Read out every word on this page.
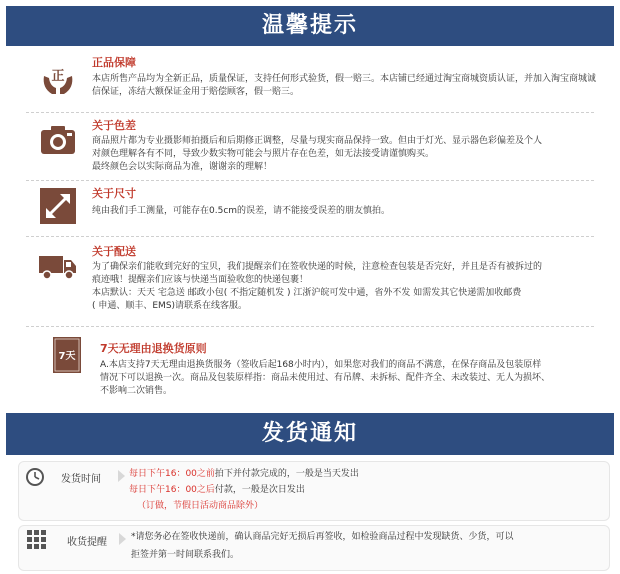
温馨提示
正
正品保障
本店所售产品均为全新正品，质量保证，支持任何形式验货，假一赔三。本店铺已经通过淘宝商城资质认证，并加入淘宝商城诚信保证，冻结大额保证金用于赔偿顾客，假一赔三。
关于色差

商品照片都为专业摄影师拍摄后和后期修正调整，尽量与现实商品保持一致。但由于灯光、显示器色彩偏差及个人

对颜色理解各有不同，导致少数实物可能会与照片存在色差，如无法接受请谨慎购买。

最终颜色会以实际商品为准，谢谢亲的理解！

关于尺寸
纯由我们手工测量，可能存在0.5cm的误差，请不能接受误差的朋友慎拍。
关于配送

为了确保亲们能收到完好的宝贝，我们提醒亲们在签收快递的时候，注意检查包装是否完好，并且是否有被拆过的

痕迹哦！提醒亲们应该与快递当面验收您的快递包裹！

本店默认：天天 宅急送 邮政小包( 不指定随机发 ) 江浙沪皖可发中通，省外不发 如需发其它快递需加收邮费

( 申通、顺丰、EMS)请联系在线客服。

7天
7天无理由退换货原则

A.本店支持7天无理由退换货服务（签收后起168小时内），如果您对我们的商品不满意，在保存商品及包装原样

情况下可以退换一次。商品及包装原样指：商品未使用过、有吊牌、未拆标、配件齐全、未改装过、无人为损坏、

不影响二次销售。

发货通知
发货时间	每日下午16：00之前拍下并付款完成的，一般是当天发出
每日下午16：00之后付款，一般是次日发出
（订做，节假日活动商品除外）
收货提醒	*请您务必在签收快递前，确认商品完好无损后再签收，如检验商品过程中发现缺货、少货，可以
拒签并第一时间联系我们。
